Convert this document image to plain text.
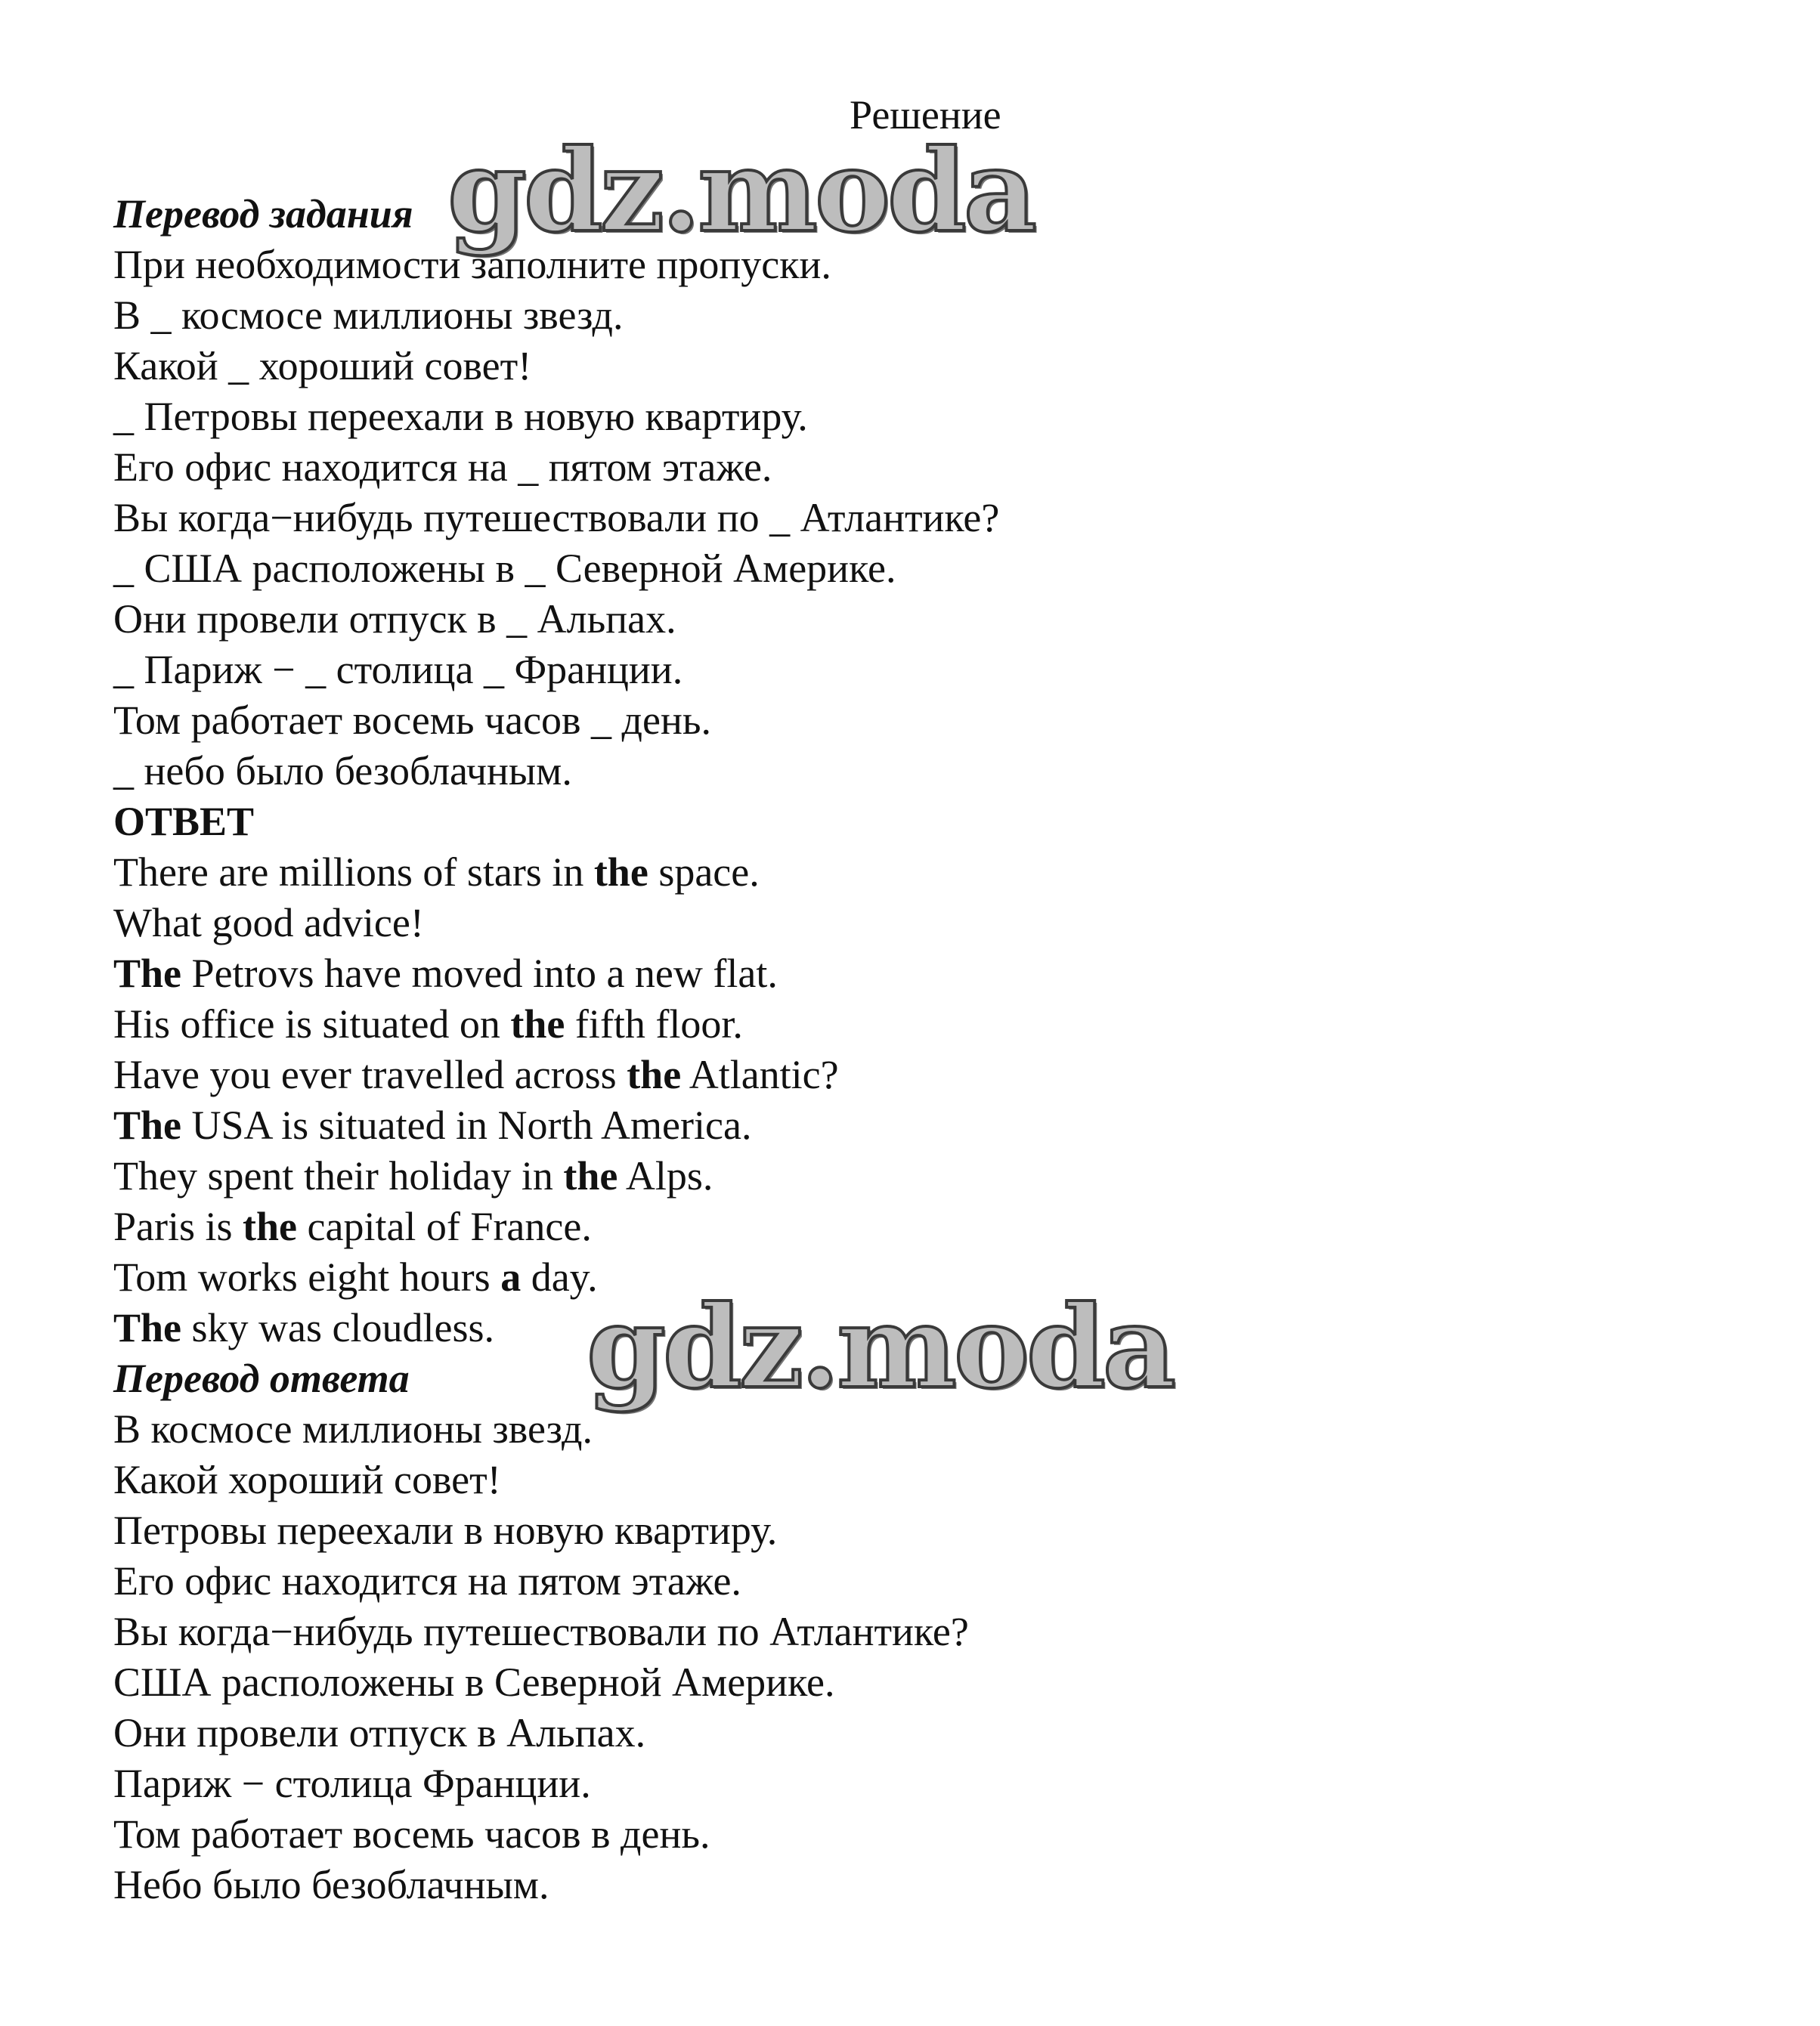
Решение
Перевод задания
При необходимости заполните пропуски.
В _ космосе миллионы звезд.
Какой _ хороший совет!
_ Петровы переехали в новую квартиру.
Его офис находится на _ пятом этаже.
Вы когда−нибудь путешествовали по _ Атлантике?
_ США расположены в _ Северной Америке.
Они провели отпуск в _ Альпах.
_ Париж − _ столица _ Франции.
Том работает восемь часов _ день.
_ небо было безоблачным.
ОТВЕТ
There are millions of stars in the space.
What good advice!
The Petrovs have moved into a new flat.
His office is situated on the fifth floor.
Have you ever travelled across the Atlantic?
The USA is situated in North America.
They spent their holiday in the Alps.
Paris is the capital of France.
Tom works eight hours a day.
The sky was cloudless.
Перевод ответа
В космосе миллионы звезд.
Какой хороший совет!
Петровы переехали в новую квартиру.
Его офис находится на пятом этаже.
Вы когда−нибудь путешествовали по Атлантике?
США расположены в Северной Америке.
Они провели отпуск в Альпах.
Париж − столица Франции.
Том работает восемь часов в день.
Небо было безоблачным.
gdz.moda
gdz.moda
